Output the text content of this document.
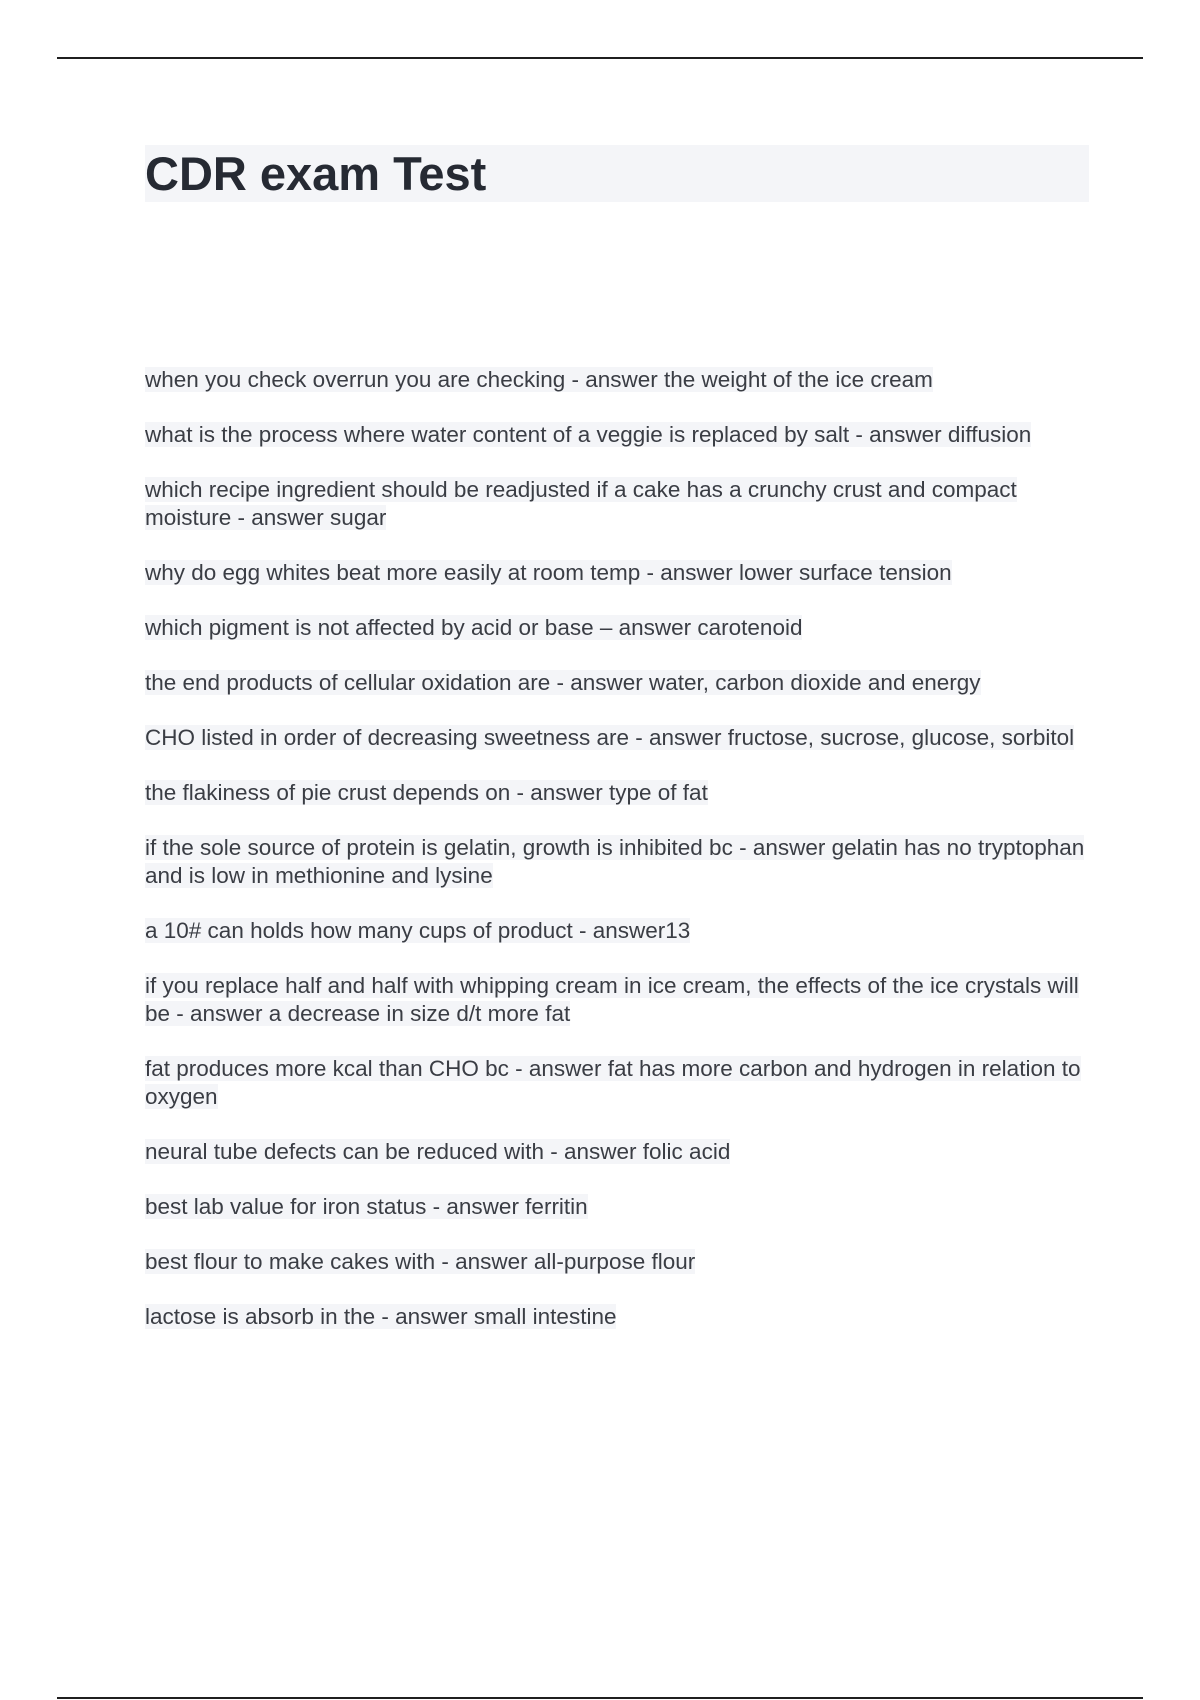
CDR exam Test
when you check overrun you are checking - answer the weight of the ice cream
what is the process where water content of a veggie is replaced by salt - answer diffusion
which recipe ingredient should be readjusted if a cake has a crunchy crust and compact moisture - answer sugar
why do egg whites beat more easily at room temp - answer lower surface tension
which pigment is not affected by acid or base – answer carotenoid
the end products of cellular oxidation are - answer water, carbon dioxide and energy
CHO listed in order of decreasing sweetness are - answer fructose, sucrose, glucose, sorbitol
the flakiness of pie crust depends on - answer type of fat
if the sole source of protein is gelatin, growth is inhibited bc - answer gelatin has no tryptophan and is low in methionine and lysine
a 10# can holds how many cups of product - answer13
if you replace half and half with whipping cream in ice cream, the effects of the ice crystals will be - answer a decrease in size d/t more fat
fat produces more kcal than CHO bc - answer fat has more carbon and hydrogen in relation to oxygen
neural tube defects can be reduced with - answer folic acid
best lab value for iron status - answer ferritin
best flour to make cakes with - answer all-purpose flour
lactose is absorb in the - answer small intestine
